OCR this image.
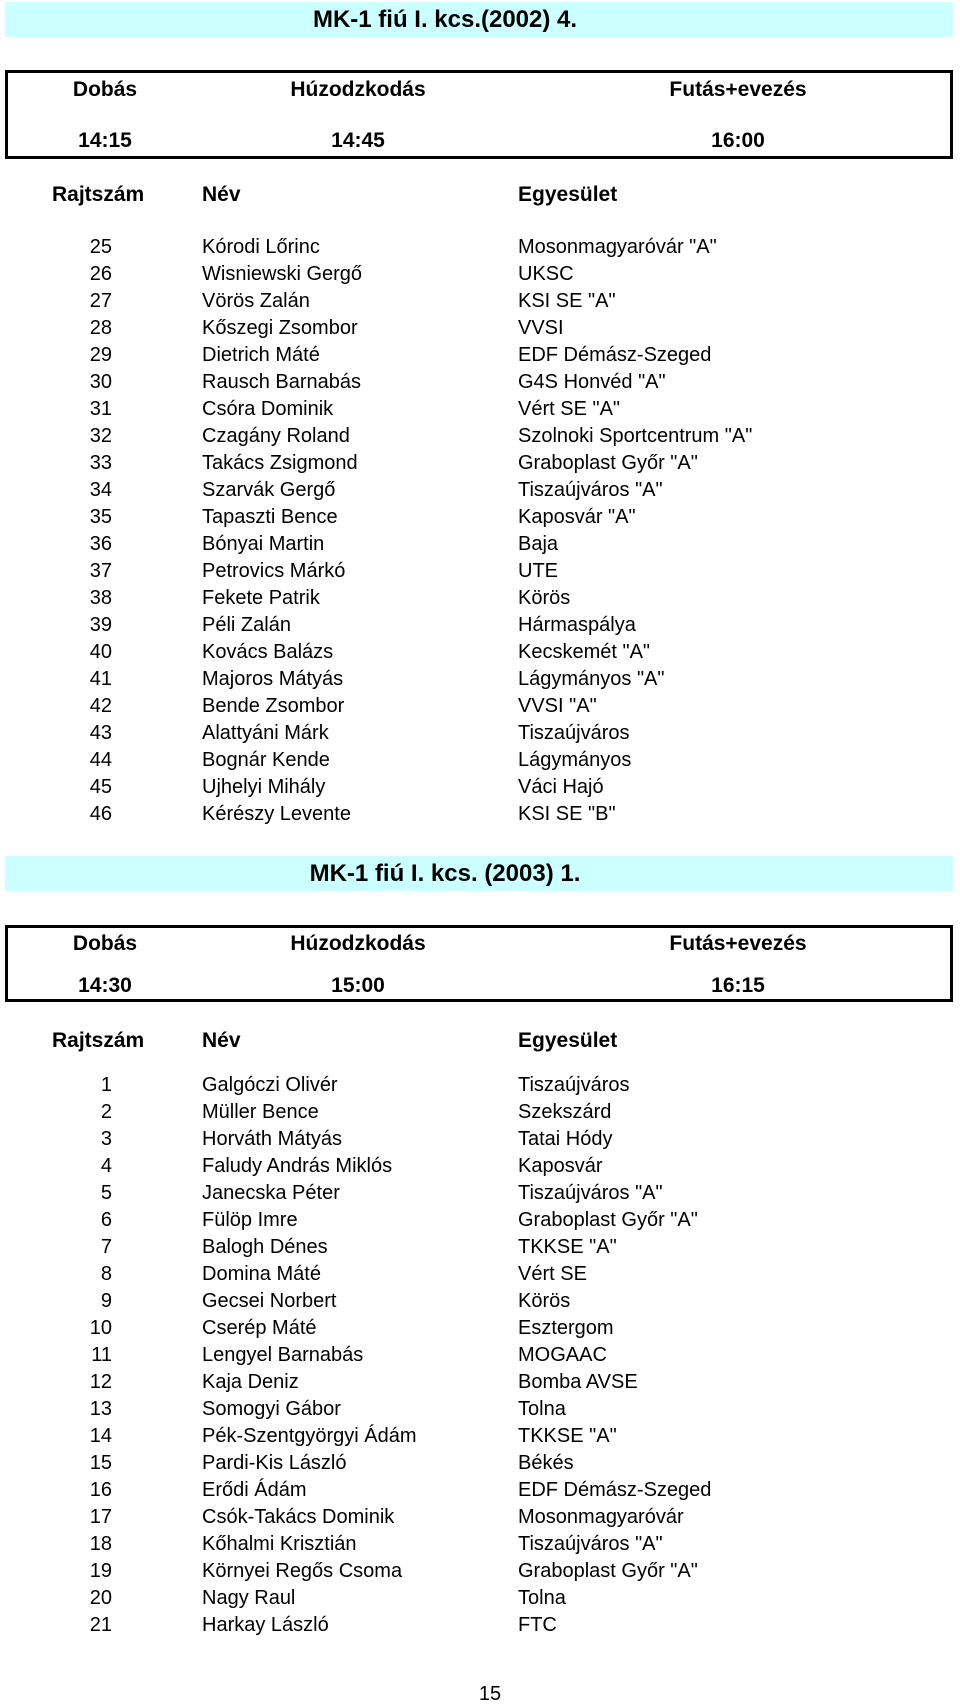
MK-1 fiú I. kcs.(2002) 4.
Dobás	Húzodzkodás	Futás+evezés
14:15	14:45	16:00
Rajtszám	Név	Egyesület
25	Kórodi Lőrinc	Mosonmagyaróvár "A"
26	Wisniewski Gergő	UKSC
27	Vörös Zalán	KSI SE "A"
28	Kőszegi Zsombor	VVSI
29	Dietrich Máté	EDF Démász-Szeged
30	Rausch Barnabás	G4S Honvéd "A"
31	Csóra Dominik	Vért SE "A"
32	Czagány Roland	Szolnoki Sportcentrum "A"
33	Takács Zsigmond	Graboplast Győr "A"
34	Szarvák Gergő	Tiszaújváros "A"
35	Tapaszti Bence	Kaposvár "A"
36	Bónyai Martin	Baja
37	Petrovics Márkó	UTE
38	Fekete Patrik	Körös
39	Péli Zalán	Hármaspálya
40	Kovács Balázs	Kecskemét "A"
41	Majoros Mátyás	Lágymányos "A"
42	Bende Zsombor	VVSI "A"
43	Alattyáni Márk	Tiszaújváros
44	Bognár Kende	Lágymányos
45	Ujhelyi Mihály	Váci Hajó
46	Kérészy Levente	KSI SE "B"
MK-1 fiú I. kcs. (2003) 1.
Dobás	Húzodzkodás	Futás+evezés
14:30	15:00	16:15
Rajtszám	Név	Egyesület
1	Galgóczi Olivér	Tiszaújváros
2	Müller Bence	Szekszárd
3	Horváth Mátyás	Tatai Hódy
4	Faludy András Miklós	Kaposvár
5	Janecska Péter	Tiszaújváros "A"
6	Fülöp Imre	Graboplast Győr "A"
7	Balogh Dénes	TKKSE "A"
8	Domina Máté	Vért SE
9	Gecsei Norbert	Körös
10	Cserép Máté	Esztergom
11	Lengyel Barnabás	MOGAAC
12	Kaja Deniz	Bomba AVSE
13	Somogyi Gábor	Tolna
14	Pék-Szentgyörgyi Ádám	TKKSE "A"
15	Pardi-Kis László	Békés
16	Erődi Ádám	EDF Démász-Szeged
17	Csók-Takács Dominik	Mosonmagyaróvár
18	Kőhalmi Krisztián	Tiszaújváros "A"
19	Környei Regős Csoma	Graboplast Győr "A"
20	Nagy Raul	Tolna
21	Harkay László	FTC
15
